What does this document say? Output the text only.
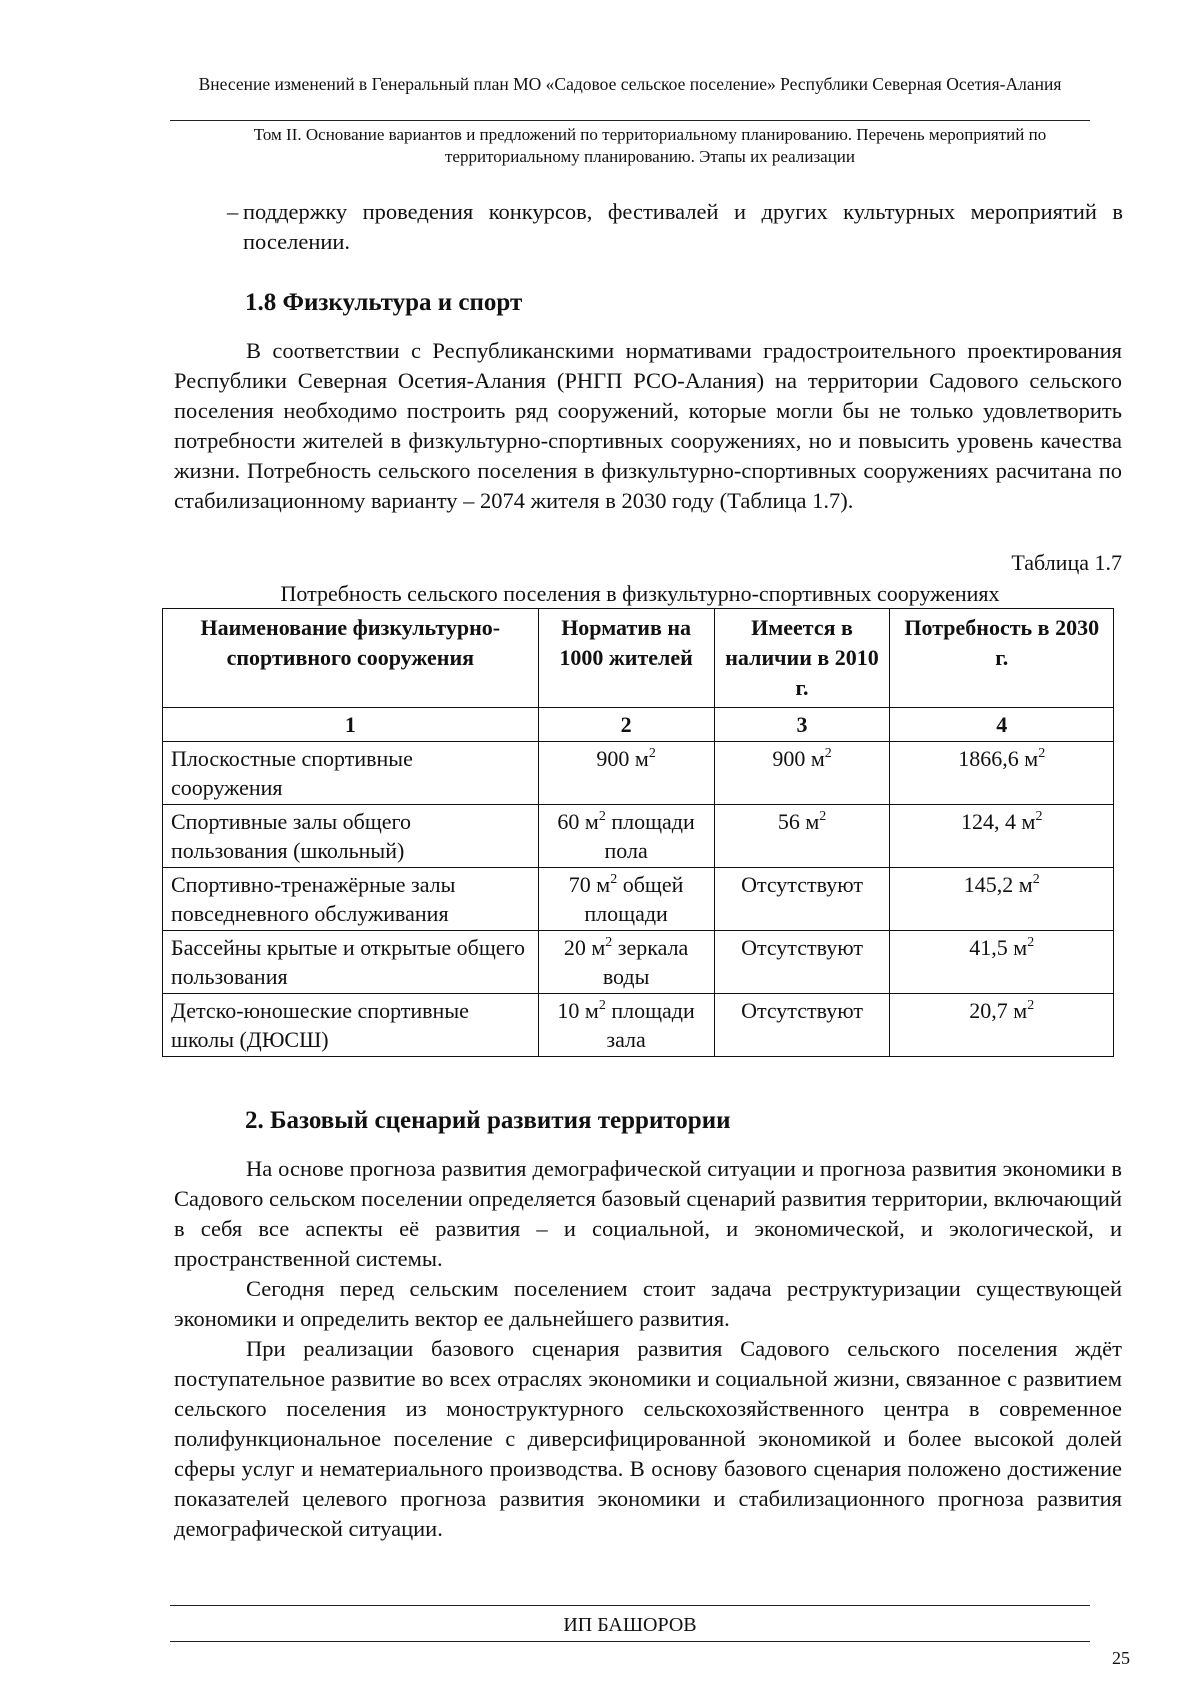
Внесение изменений в Генеральный план МО «Садовое сельское поселение» Республики Северная Осетия-Алания
Том II. Основание вариантов и предложений по территориальному планированию. Перечень мероприятий по территориальному планированию. Этапы их реализации
– поддержку проведения конкурсов, фестивалей и других культурных мероприятий в поселении.
1.8 Физкультура и спорт

В соответствии с Республиканскими нормативами градостроительного проектирования Республики Северная Осетия-Алания (РНГП РСО-Алания) на территории Садового сельского поселения необходимо построить ряд сооружений, которые могли бы не только удовлетворить потребности жителей в физкультурно-спортивных сооружениях, но и повысить уровень качества жизни. Потребность сельского поселения в физкультурно-спортивных сооружениях расчитана по стабилизационному варианту – 2074 жителя в 2030 году (Таблица 1.7).

Таблица 1.7
Потребность сельского поселения в физкультурно-спортивных сооружениях
Наименование физкультурно-спортивного сооружения	Норматив на 1000 жителей	Имеется в наличии в 2010 г.	Потребность в 2030 г.
1	2	3	4
Плоскостные спортивные сооружения	900 $м^2$	900 $м^2$	1866,6 $м^2$
Спортивные залы общего пользования (школьный)	60 $м^2$ площади пола	56 $м^2$	124, 4 $м^2$
Спортивно-тренажёрные залы повседневного обслуживания	70 $м^2$ общей площади	Отсутствуют	145,2 $м^2$
Бассейны крытые и открытые общего пользования	20 $м^2$ зеркала воды	Отсутствуют	41,5 $м^2$
Детско-юношеские спортивные школы (ДЮСШ)	10 $м^2$ площади зала	Отсутствуют	20,7 $м^2$
2. Базовый сценарий развития территории

На основе прогноза развития демографической ситуации и прогноза развития экономики в Садового сельском поселении определяется базовый сценарий развития территории, включающий в себя все аспекты её развития – и социальной, и экономической, и экологической, и пространственной системы.

Сегодня перед сельским поселением стоит задача реструктуризации существующей экономики и определить вектор ее дальнейшего развития.

При реализации базового сценария развития Садового сельского поселения ждёт поступательное развитие во всех отраслях экономики и социальной жизни, связанное с развитием сельского поселения из моноструктурного сельскохозяйственного центра в современное полифункциональное поселение с диверсифицированной экономикой и более высокой долей сферы услуг и нематериального производства. В основу базового сценария положено достижение показателей целевого прогноза развития экономики и стабилизационного прогноза развития демографической ситуации.

ИП БАШОРОВ
25
